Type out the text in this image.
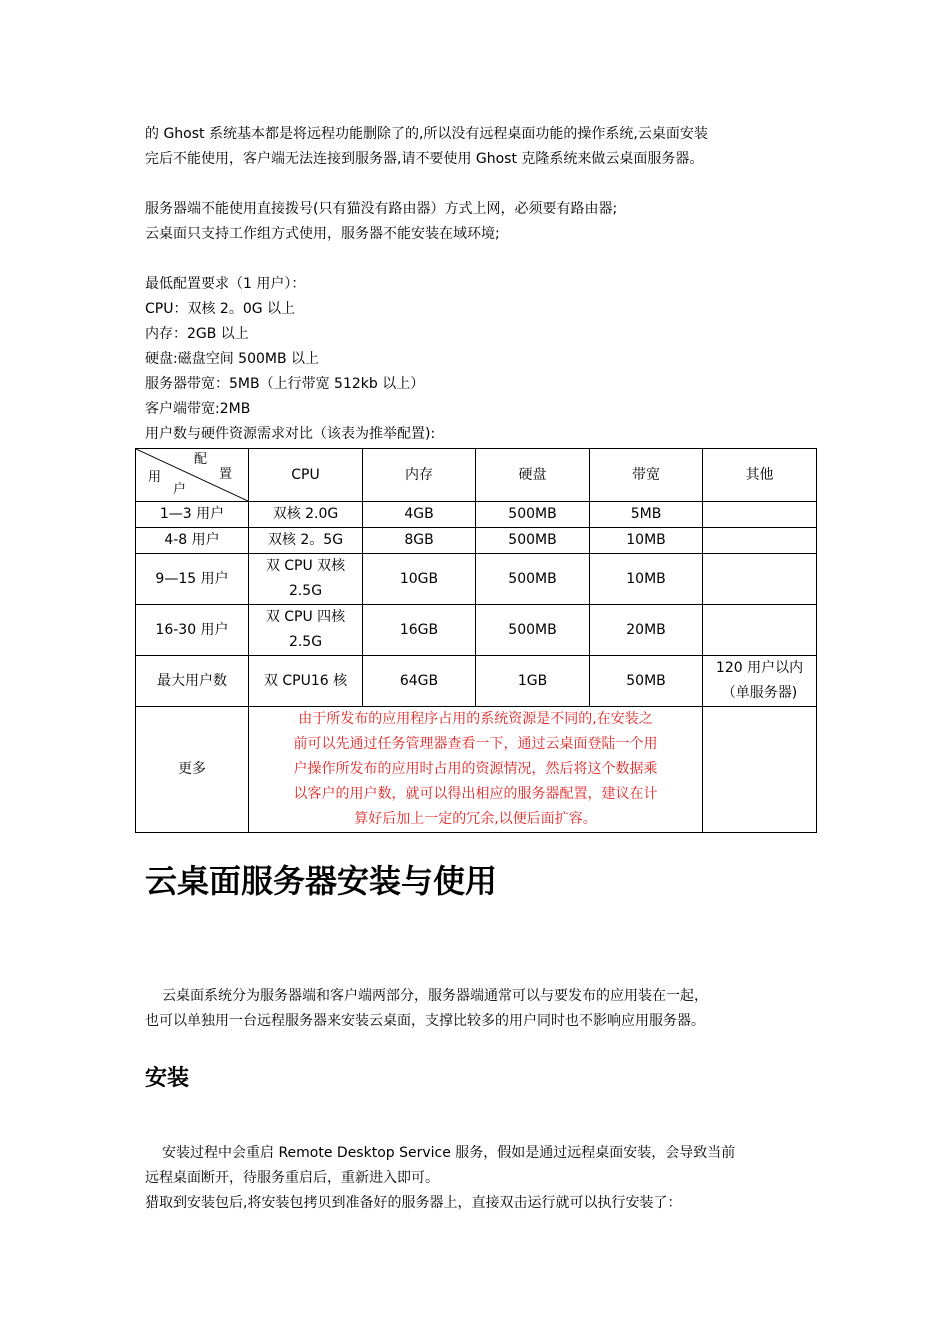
的 Ghost 系统基本都是将远程功能删除了的,所以没有远程桌面功能的操作系统,云桌面安装
完后不能使用，客户端无法连接到服务器,请不要使用 Ghost 克隆系统来做云桌面服务器。
服务器端不能使用直接拨号(只有猫没有路由器）方式上网，必须要有路由器;
云桌面只支持工作组方式使用，服务器不能安装在域环境;
最低配置要求（1 用户）：
CPU：双核 2。0G 以上
内存：2GB 以上
硬盘:磁盘空间 500MB 以上
服务器带宽：5MB（上行带宽 512kb 以上）
客户端带宽:2MB
用户数与硬件资源需求对比（该表为推举配置):
配
置
用
户	CPU	内存	硬盘	带宽	其他
1—3 用户	双核 2.0G	4GB	500MB	5MB	
4-8 用户	双核 2。5G	8GB	500MB	10MB	
9—15 用户	双 CPU 双核
2.5G	10GB	500MB	10MB	
16-30 用户	双 CPU 四核
2.5G	16GB	500MB	20MB	
最大用户数	双 CPU16 核	64GB	1GB	50MB	120 用户以内
（单服务器)
更多	由于所发布的应用程序占用的系统资源是不同的,在安装之
前可以先通过任务管理器查看一下，通过云桌面登陆一个用
户操作所发布的应用时占用的资源情况，然后将这个数据乘
以客户的用户数，就可以得出相应的服务器配置，建议在计
算好后加上一定的冗余,以便后面扩容。				

云桌面服务器安装与使用
云桌面系统分为服务器端和客户端两部分，服务器端通常可以与要发布的应用装在一起，
也可以单独用一台远程服务器来安装云桌面，支撑比较多的用户同时也不影响应用服务器。
安装
安装过程中会重启 Remote Desktop Service 服务，假如是通过远程桌面安装，会导致当前
远程桌面断开，待服务重启后，重新进入即可。
猎取到安装包后,将安装包拷贝到准备好的服务器上，直接双击运行就可以执行安装了：
